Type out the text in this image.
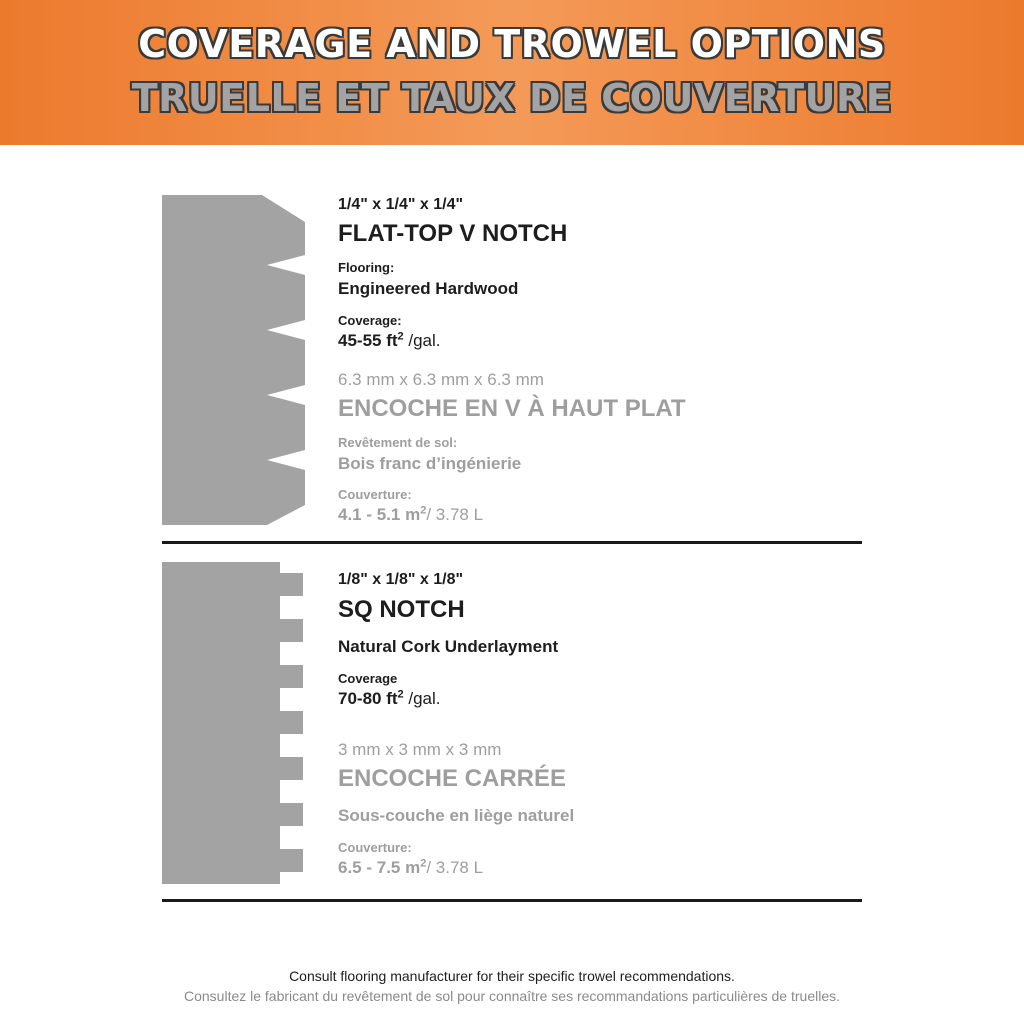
COVERAGE AND TROWEL OPTIONS
TRUELLE ET TAUX DE COUVERTURE
1/4" x 1/4" x 1/4"
FLAT-TOP V NOTCH
Flooring:
Engineered Hardwood
Coverage:
45-55 $ft^2$ /gal.
6.3 mm x 6.3 mm x 6.3 mm
ENCOCHE EN V À HAUT PLAT
Revêtement de sol:
Bois franc d’ingénierie
Couverture:
4.1 - 5.1 $m^2/$ 3.78 L
1/8" x 1/8" x 1/8"
SQ NOTCH
Natural Cork Underlayment
Coverage
70-80 $ft^2$ /gal.
3 mm x 3 mm x 3 mm
ENCOCHE CARRÉE
Sous-couche en liège naturel
Couverture:
6.5 - 7.5 $m^2/$ 3.78 L
Consult flooring manufacturer for their specific trowel recommendations.
Consultez le fabricant du revêtement de sol pour connaître ses recommandations particulières de truelles.
